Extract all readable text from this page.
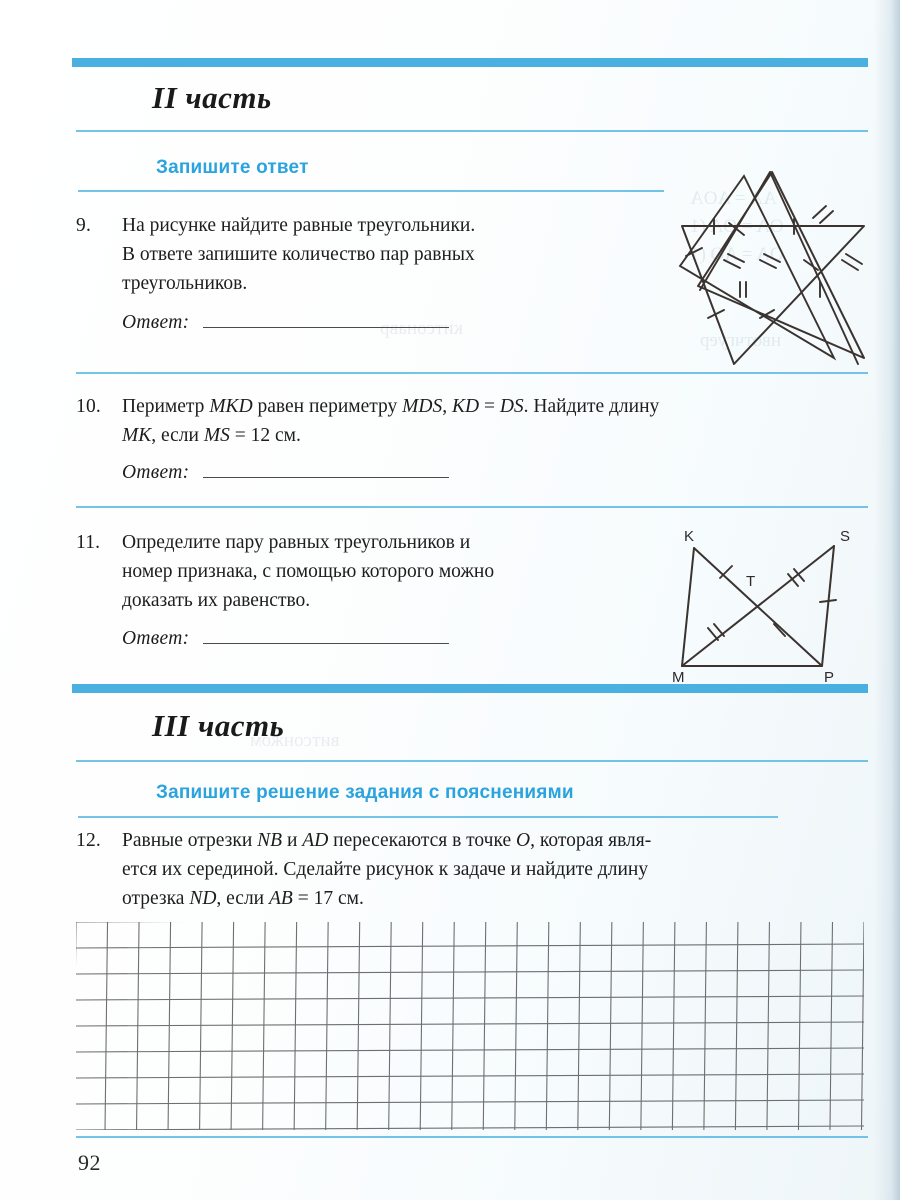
II часть
Запишите ответ
9.	На рисунке найдите равные треугольники.
В ответе запишите количество пар равных
треугольников.
Ответ:
10.	Периметр MKD равен периметру MDS, KD = DS. Найдите длину
MK, если MS = 12 см.
Ответ:
11.	Определите пару равных треугольников и
номер признака, с помощью которого можно
доказать их равенство.
Ответ:
K	S
T
M	P
III часть
Запишите решение задания с пояснениями
12.	Равные отрезки NB и AD пересекаются в точке O, которая явля-
ется их серединой. Сделайте рисунок к задаче и найдите длину
отрезка ND, если AB = 17 см.
92
